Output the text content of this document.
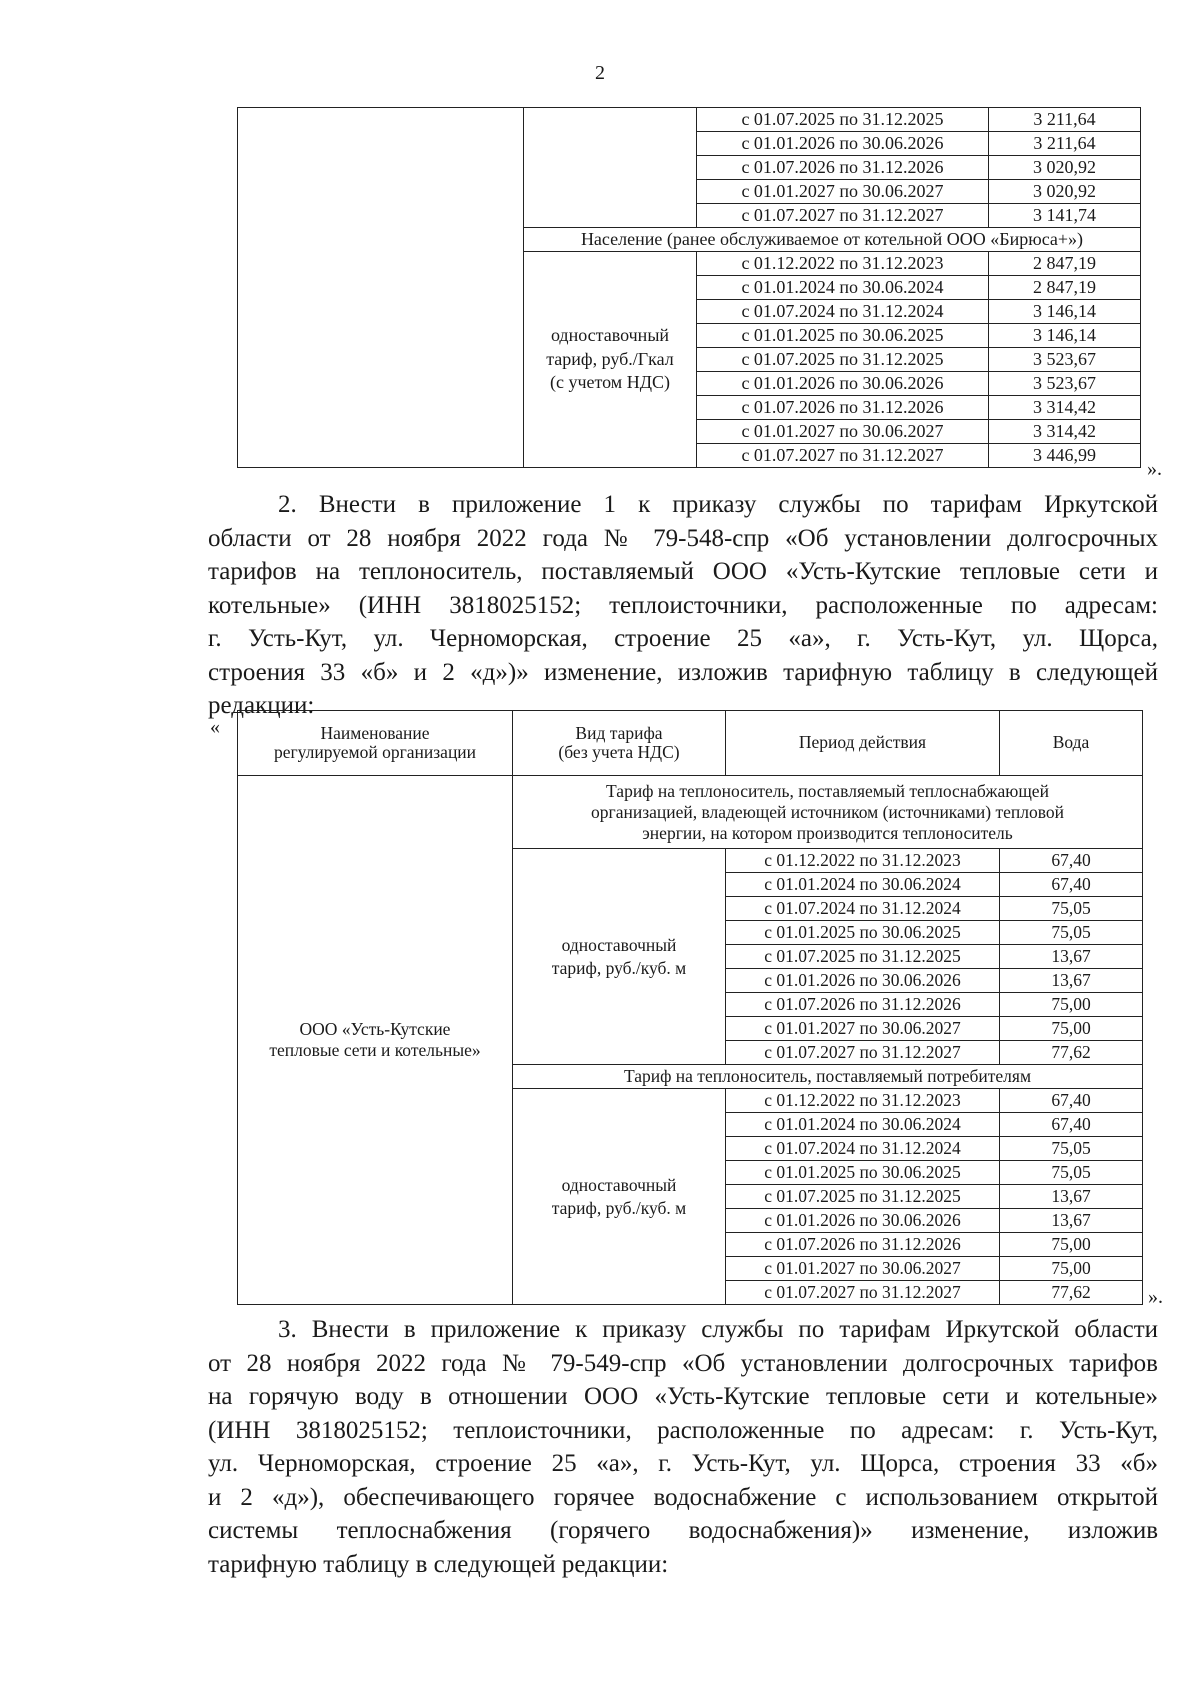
2
		с 01.07.2025 по 31.12.2025	3 211,64
		с 01.01.2026 по 30.06.2026	3 211,64
		с 01.07.2026 по 31.12.2026	3 020,92
		с 01.01.2027 по 30.06.2027	3 020,92
		с 01.07.2027 по 31.12.2027	3 141,74
	Население (ранее обслуживаемое от котельной ООО «Бирюса+»)		
	одноставочный
тариф, руб./Гкал
(с учетом НДС)	с 01.12.2022 по 31.12.2023	2 847,19
		с 01.01.2024 по 30.06.2024	2 847,19
		с 01.07.2024 по 31.12.2024	3 146,14
		с 01.01.2025 по 30.06.2025	3 146,14
		с 01.07.2025 по 31.12.2025	3 523,67
		с 01.01.2026 по 30.06.2026	3 523,67
		с 01.07.2026 по 31.12.2026	3 314,42
		с 01.01.2027 по 30.06.2027	3 314,42
		с 01.07.2027 по 31.12.2027	3 446,99
».
2. Внести в приложение 1 к приказу службы по тарифам Иркутской
области от 28 ноября 2022 года № 79-548-спр «Об установлении долгосрочных
тарифов на теплоноситель, поставляемый ООО «Усть-Кутские тепловые сети и
котельные» (ИНН 3818025152; теплоисточники, расположенные по адресам:
г. Усть-Кут, ул. Черноморская, строение 25 «а», г. Усть-Кут, ул. Щорса,
строения 33 «б» и 2 «д»)» изменение, изложив тарифную таблицу в следующей
редакции:
«	Наименование
регулируемой организации	Вид тарифа
(без учета НДС)	Период действия	Вода
ООО «Усть-Кутские
тепловые сети и котельные»	Тариф на теплоноситель, поставляемый теплоснабжающей
организацией, владеющей источником (источниками) тепловой
энергии, на котором производится теплоноситель		
	одноставочный
тариф, руб./куб. м	с 01.12.2022 по 31.12.2023	67,40
		с 01.01.2024 по 30.06.2024	67,40
		с 01.07.2024 по 31.12.2024	75,05
		с 01.01.2025 по 30.06.2025	75,05
		с 01.07.2025 по 31.12.2025	13,67
		с 01.01.2026 по 30.06.2026	13,67
		с 01.07.2026 по 31.12.2026	75,00
		с 01.01.2027 по 30.06.2027	75,00
		с 01.07.2027 по 31.12.2027	77,62
	Тариф на теплоноситель, поставляемый потребителям		
	одноставочный
тариф, руб./куб. м	с 01.12.2022 по 31.12.2023	67,40
		с 01.01.2024 по 30.06.2024	67,40
		с 01.07.2024 по 31.12.2024	75,05
		с 01.01.2025 по 30.06.2025	75,05
		с 01.07.2025 по 31.12.2025	13,67
		с 01.01.2026 по 30.06.2026	13,67
		с 01.07.2026 по 31.12.2026	75,00
		с 01.01.2027 по 30.06.2027	75,00
		с 01.07.2027 по 31.12.2027	77,62	».
3. Внести в приложение к приказу службы по тарифам Иркутской области
от 28 ноября 2022 года № 79-549-спр «Об установлении долгосрочных тарифов
на горячую воду в отношении ООО «Усть-Кутские тепловые сети и котельные»
(ИНН 3818025152; теплоисточники, расположенные по адресам: г. Усть-Кут,
ул. Черноморская, строение 25 «а», г. Усть-Кут, ул. Щорса, строения 33 «б»
и 2 «д»), обеспечивающего горячее водоснабжение с использованием открытой
системы теплоснабжения (горячего водоснабжения)» изменение, изложив
тарифную таблицу в следующей редакции:
